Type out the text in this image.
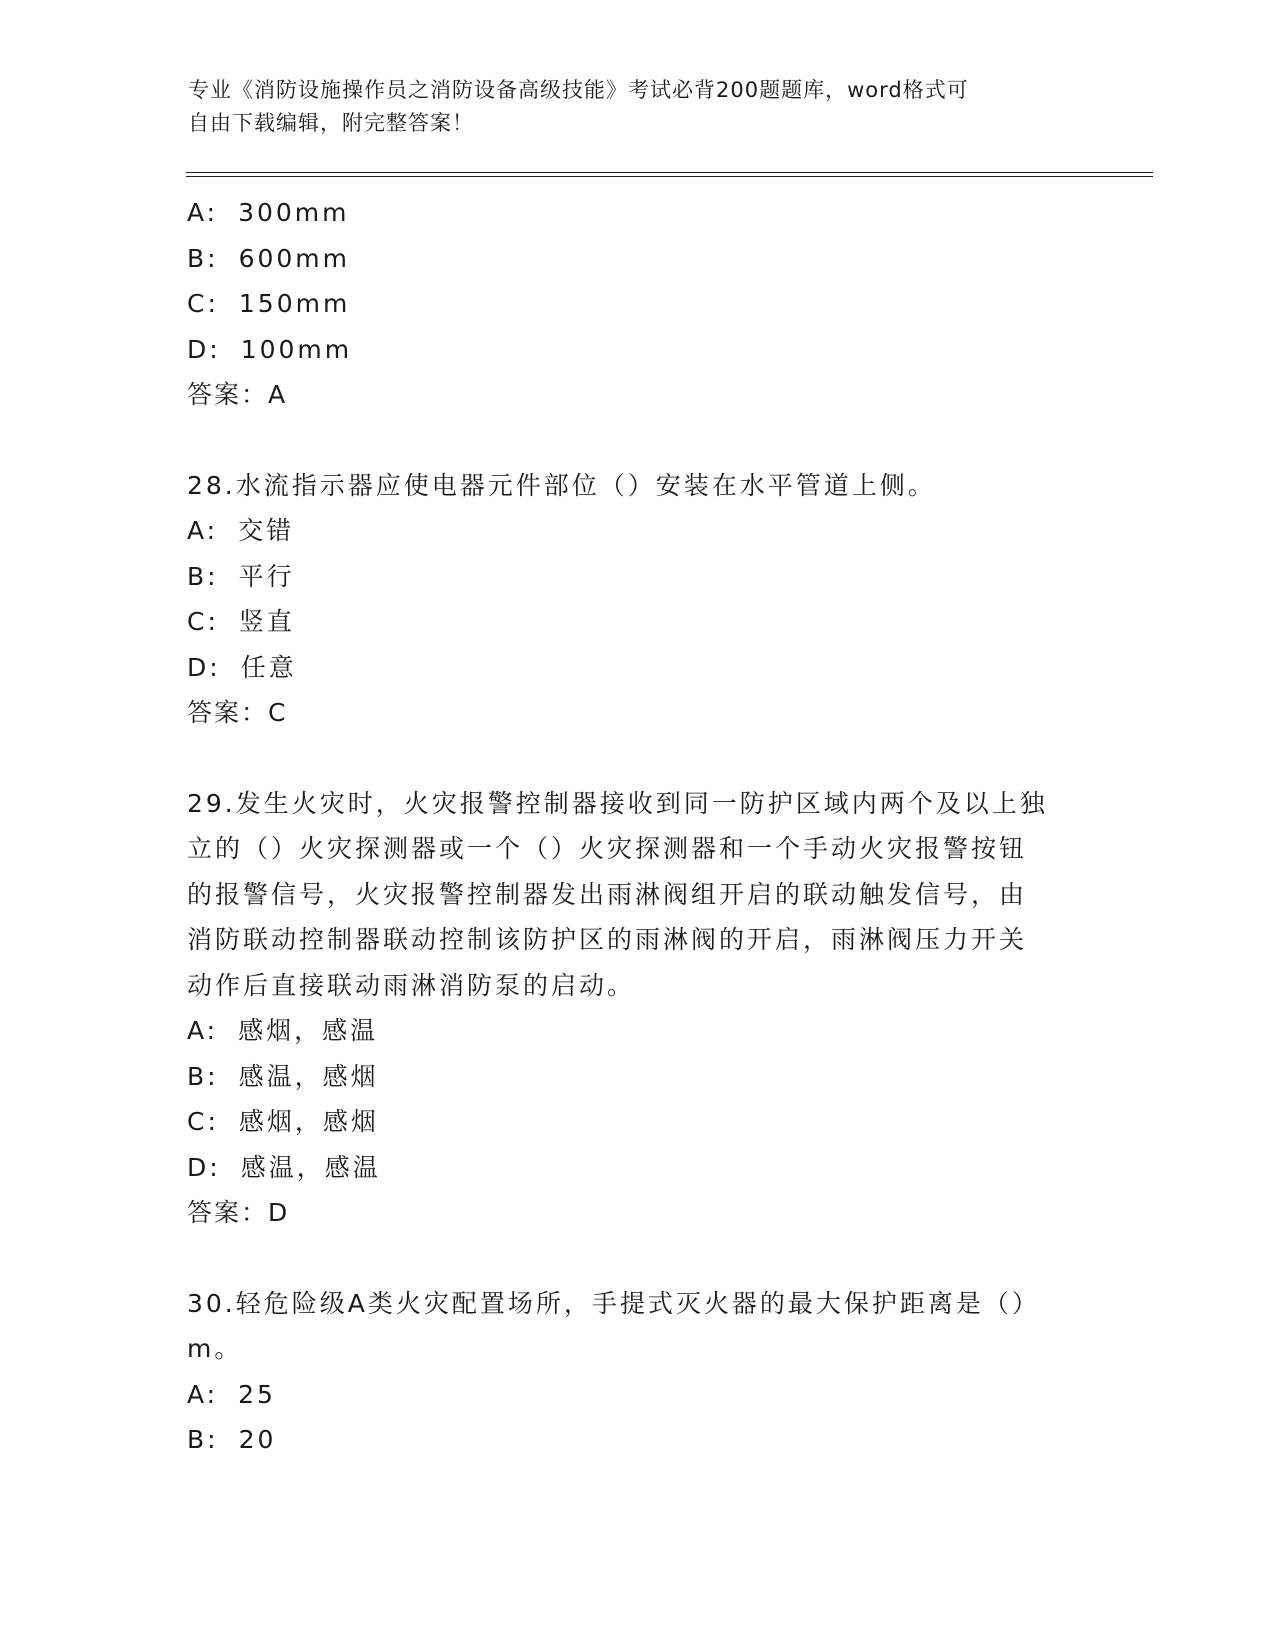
专业《消防设施操作员之消防设备高级技能》考试必背200题题库，word格式可
自由下载编辑，附完整答案！
A: 300mm
B: 600mm
C: 150mm
D: 100mm
答案：A
28.水流指示器应使电器元件部位（）安装在水平管道上侧。
A: 交错
B: 平行
C: 竖直
D: 任意
答案：C
29.发生火灾时，火灾报警控制器接收到同一防护区域内两个及以上独
立的（）火灾探测器或一个（）火灾探测器和一个手动火灾报警按钮
的报警信号，火灾报警控制器发出雨淋阀组开启的联动触发信号，由
消防联动控制器联动控制该防护区的雨淋阀的开启，雨淋阀压力开关
动作后直接联动雨淋消防泵的启动。
A: 感烟，感温
B: 感温，感烟
C: 感烟，感烟
D: 感温，感温
答案：D
30.轻危险级A类火灾配置场所，手提式灭火器的最大保护距离是（）
m。
A: 25
B: 20
